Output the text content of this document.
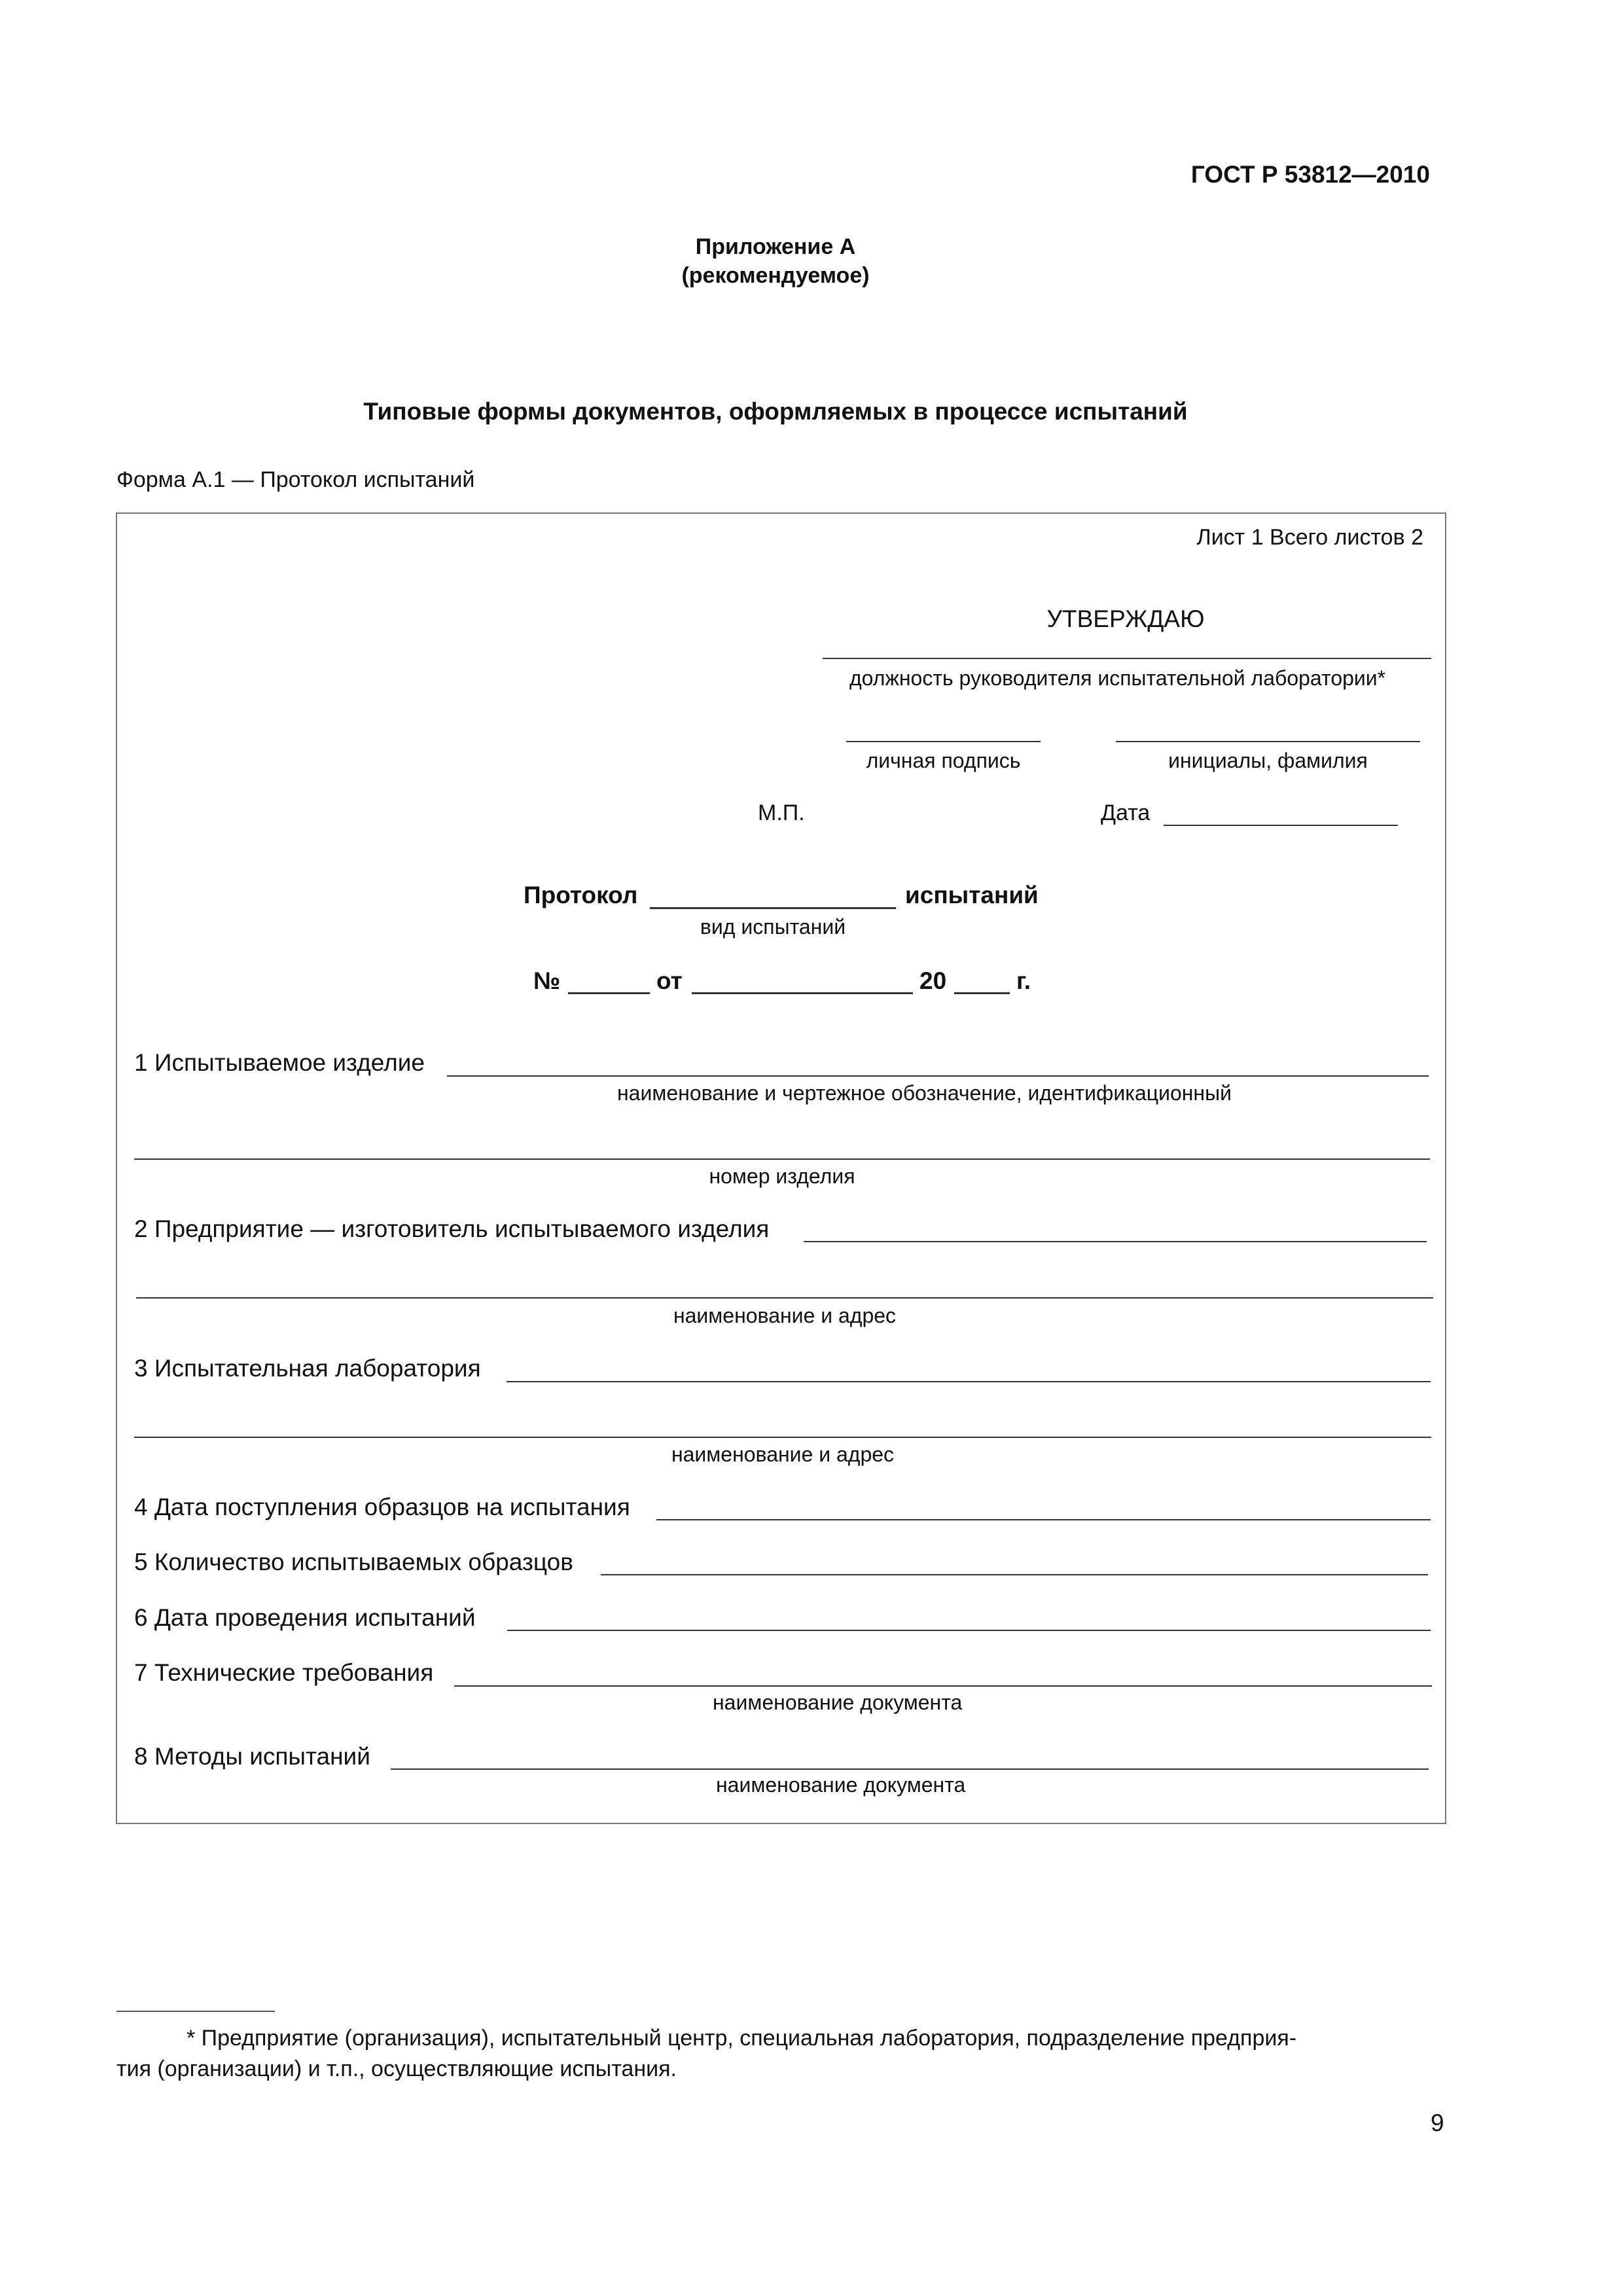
ГОСТ Р 53812—2010
Приложение А
(рекомендуемое)
Типовые формы документов, оформляемых в процессе испытаний
Форма А.1 — Протокол испытаний
Лист 1 Всего листов 2
УТВЕРЖДАЮ
должность руководителя испытательной лаборатории*
личная подпись	инициалы, фамилия
М.П.	Дата
Протокол	испытаний
вид испытаний
№	от	20	г.
1 Испытываемое изделие
наименование и чертежное обозначение, идентификационный
номер изделия
2 Предприятие — изготовитель испытываемого изделия
наименование и адрес
3 Испытательная лаборатория
наименование и адрес
4 Дата поступления образцов на испытания
5 Количество испытываемых образцов
6 Дата проведения испытаний
7 Технические требования
наименование документа
8 Методы испытаний
наименование документа
* Предприятие (организация), испытательный центр, специальная лаборатория, подразделение предприя-
тия (организации) и т.п., осуществляющие испытания.
9
